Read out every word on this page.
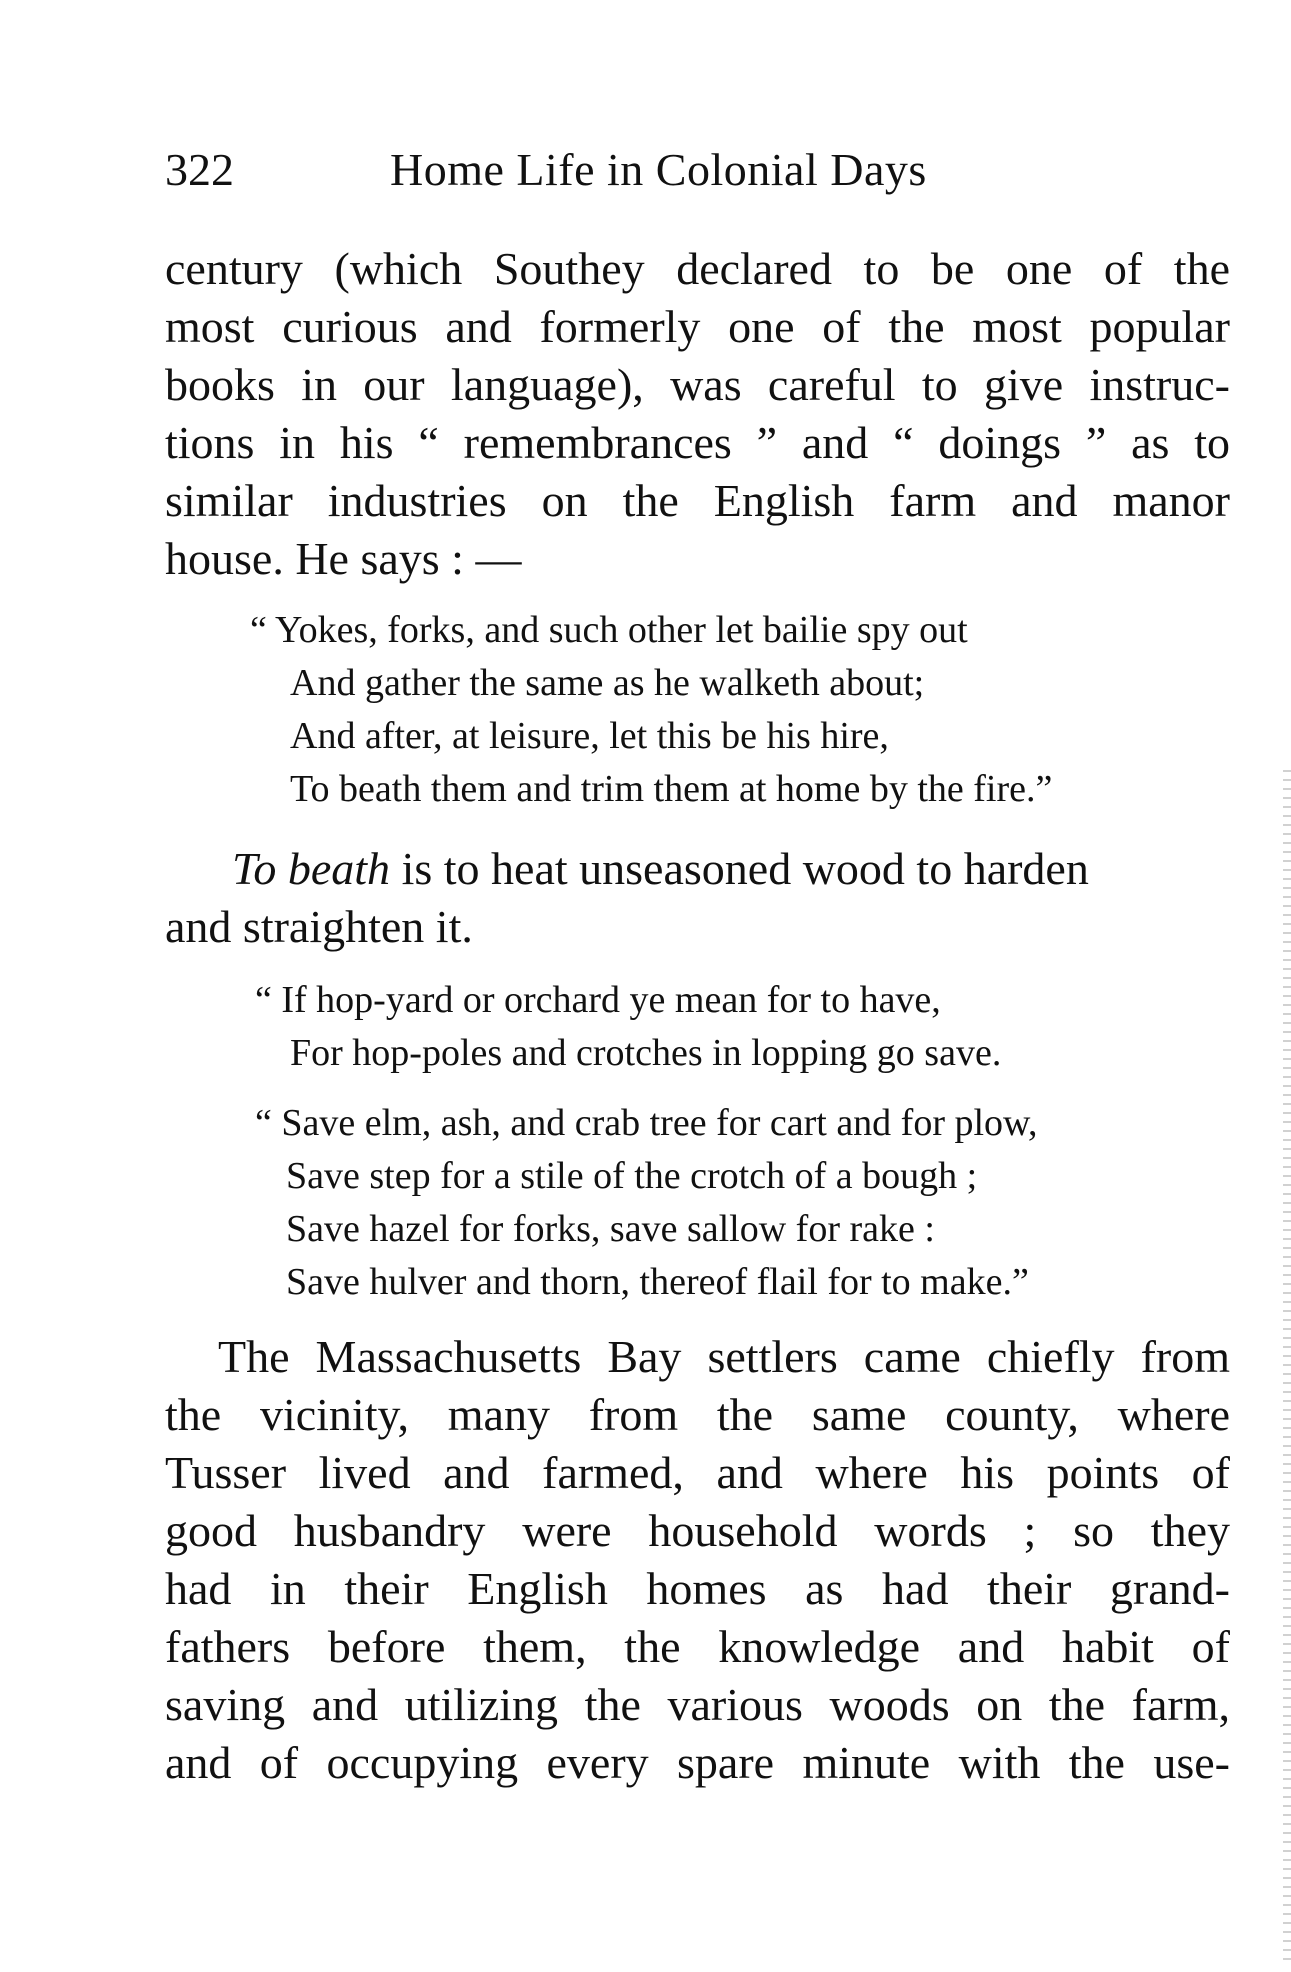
322	Home Life in Colonial Days
century (which Southey declared to be one of the
most curious and formerly one of the most popular
books in our language), was careful to give instruc-
tions in his “ remembrances ” and “ doings ” as to
similar industries on the English farm and manor
house. He says : —
“ Yokes, forks, and such other let bailie spy out
And gather the same as he walketh about;
And after, at leisure, let this be his hire,
To beath them and trim them at home by the fire.”
To beath is to heat unseasoned wood to harden
and straighten it.
“ If hop-yard or orchard ye mean for to have,
For hop-poles and crotches in lopping go save.
“ Save elm, ash, and crab tree for cart and for plow,
Save step for a stile of the crotch of a bough ;
Save hazel for forks, save sallow for rake :
Save hulver and thorn, thereof flail for to make.”
The Massachusetts Bay settlers came chiefly from
the vicinity, many from the same county, where
Tusser lived and farmed, and where his points of
good husbandry were household words ; so they
had in their English homes as had their grand-
fathers before them, the knowledge and habit of
saving and utilizing the various woods on the farm,
and of occupying every spare minute with the use-
